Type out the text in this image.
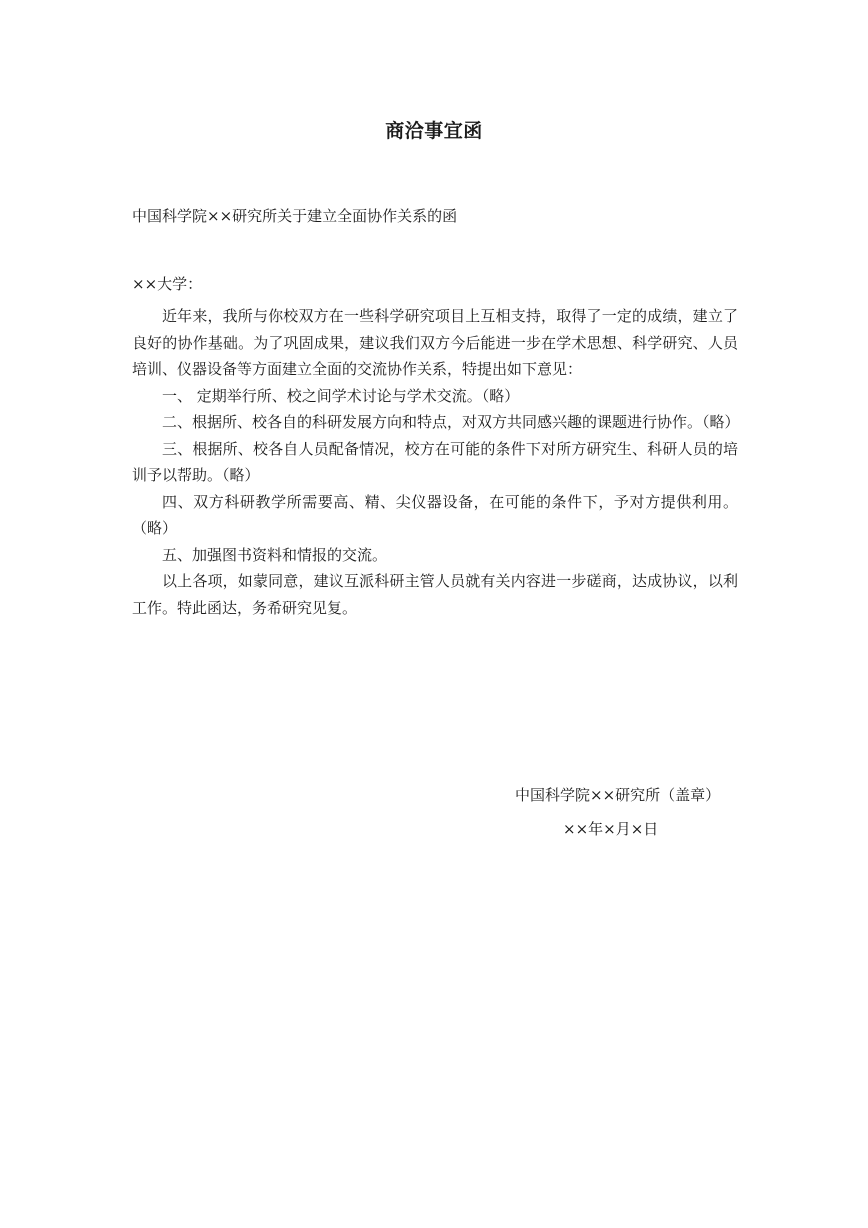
商洽事宜函
中国科学院××研究所关于建立全面协作关系的函
××大学：

近年来，我所与你校双方在一些科学研究项目上互相支持，取得了一定的成绩，建立了良好的协作基础。为了巩固成果，建议我们双方今后能进一步在学术思想、科学研究、人员培训、仪器设备等方面建立全面的交流协作关系，特提出如下意见：

一、 定期举行所、校之间学术讨论与学术交流。（略）

二、根据所、校各自的科研发展方向和特点，对双方共同感兴趣的课题进行协作。（略）

三、根据所、校各自人员配备情况，校方在可能的条件下对所方研究生、科研人员的培训予以帮助。（略）

四、双方科研教学所需要高、精、尖仪器设备，在可能的条件下，予对方提供利用。（略）

五、加强图书资料和情报的交流。

以上各项，如蒙同意，建议互派科研主管人员就有关内容进一步磋商，达成协议，以利工作。特此函达，务希研究见复。

中国科学院××研究所（盖章）
××年×月×日
